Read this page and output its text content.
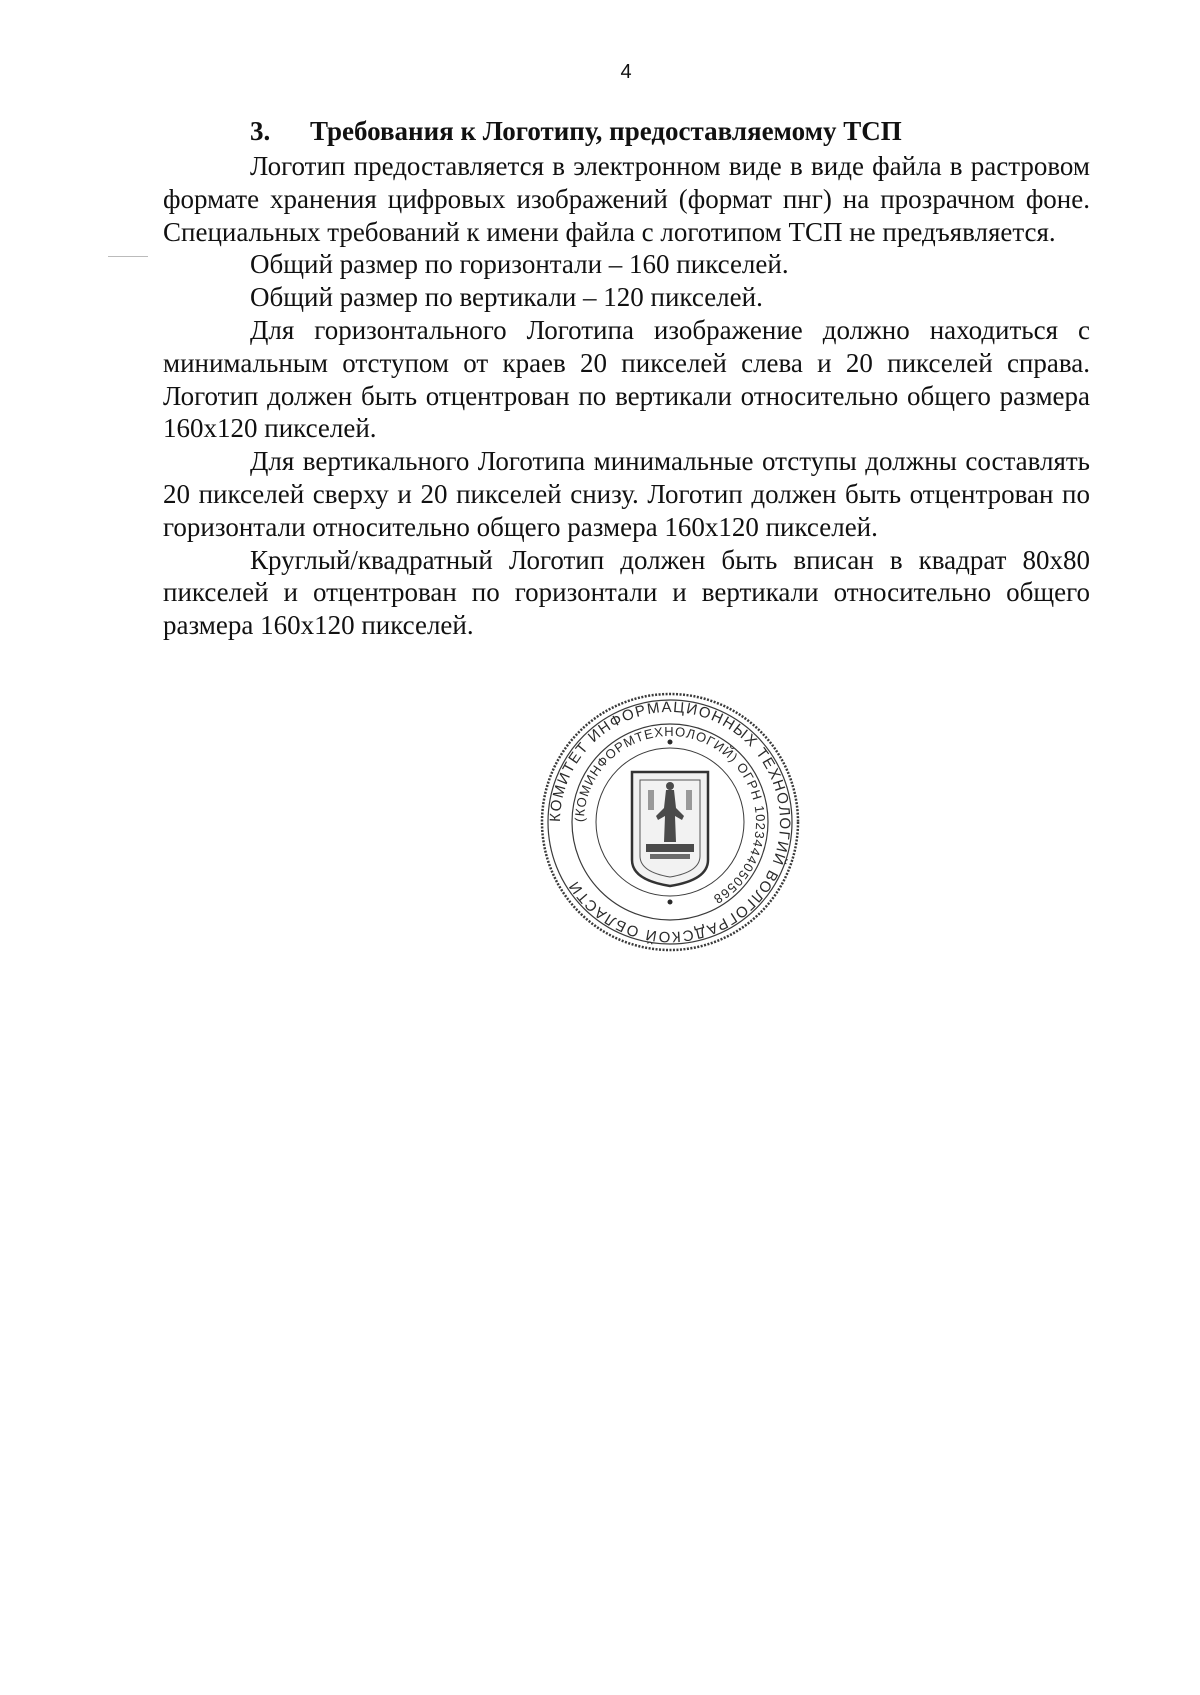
4
3. Требования к Логотипу, предоставляемому ТСП

Логотип предоставляется в электронном виде в виде файла в растровом формате хранения цифровых изображений (формат пнг) на прозрачном фоне. Специальных требований к имени файла с логотипом ТСП не предъявляется.

Общий размер по горизонтали – 160 пикселей.

Общий размер по вертикали – 120 пикселей.

Для горизонтального Логотипа изображение должно находиться с минимальным отступом от краев 20 пикселей слева и 20 пикселей справа. Логотип должен быть отцентрован по вертикали относительно общего размера 160x120 пикселей.

Для вертикального Логотипа минимальные отступы должны составлять 20 пикселей сверху и 20 пикселей снизу. Логотип должен быть отцентрован по горизонтали относительно общего размера 160x120 пикселей.

Круглый/квадратный Логотип должен быть вписан в квадрат 80x80 пикселей и отцентрован по горизонтали и вертикали относительно общего размера 160x120 пикселей.

КОМИТЕТ ИНФОРМАЦИОННЫХ ТЕХНОЛОГИЙ ВОЛГОГРАДСКОЙ ОБЛАСТИ
(КОМИНФОРМТЕХНОЛОГИЙ) ОГРН 1023444050568
